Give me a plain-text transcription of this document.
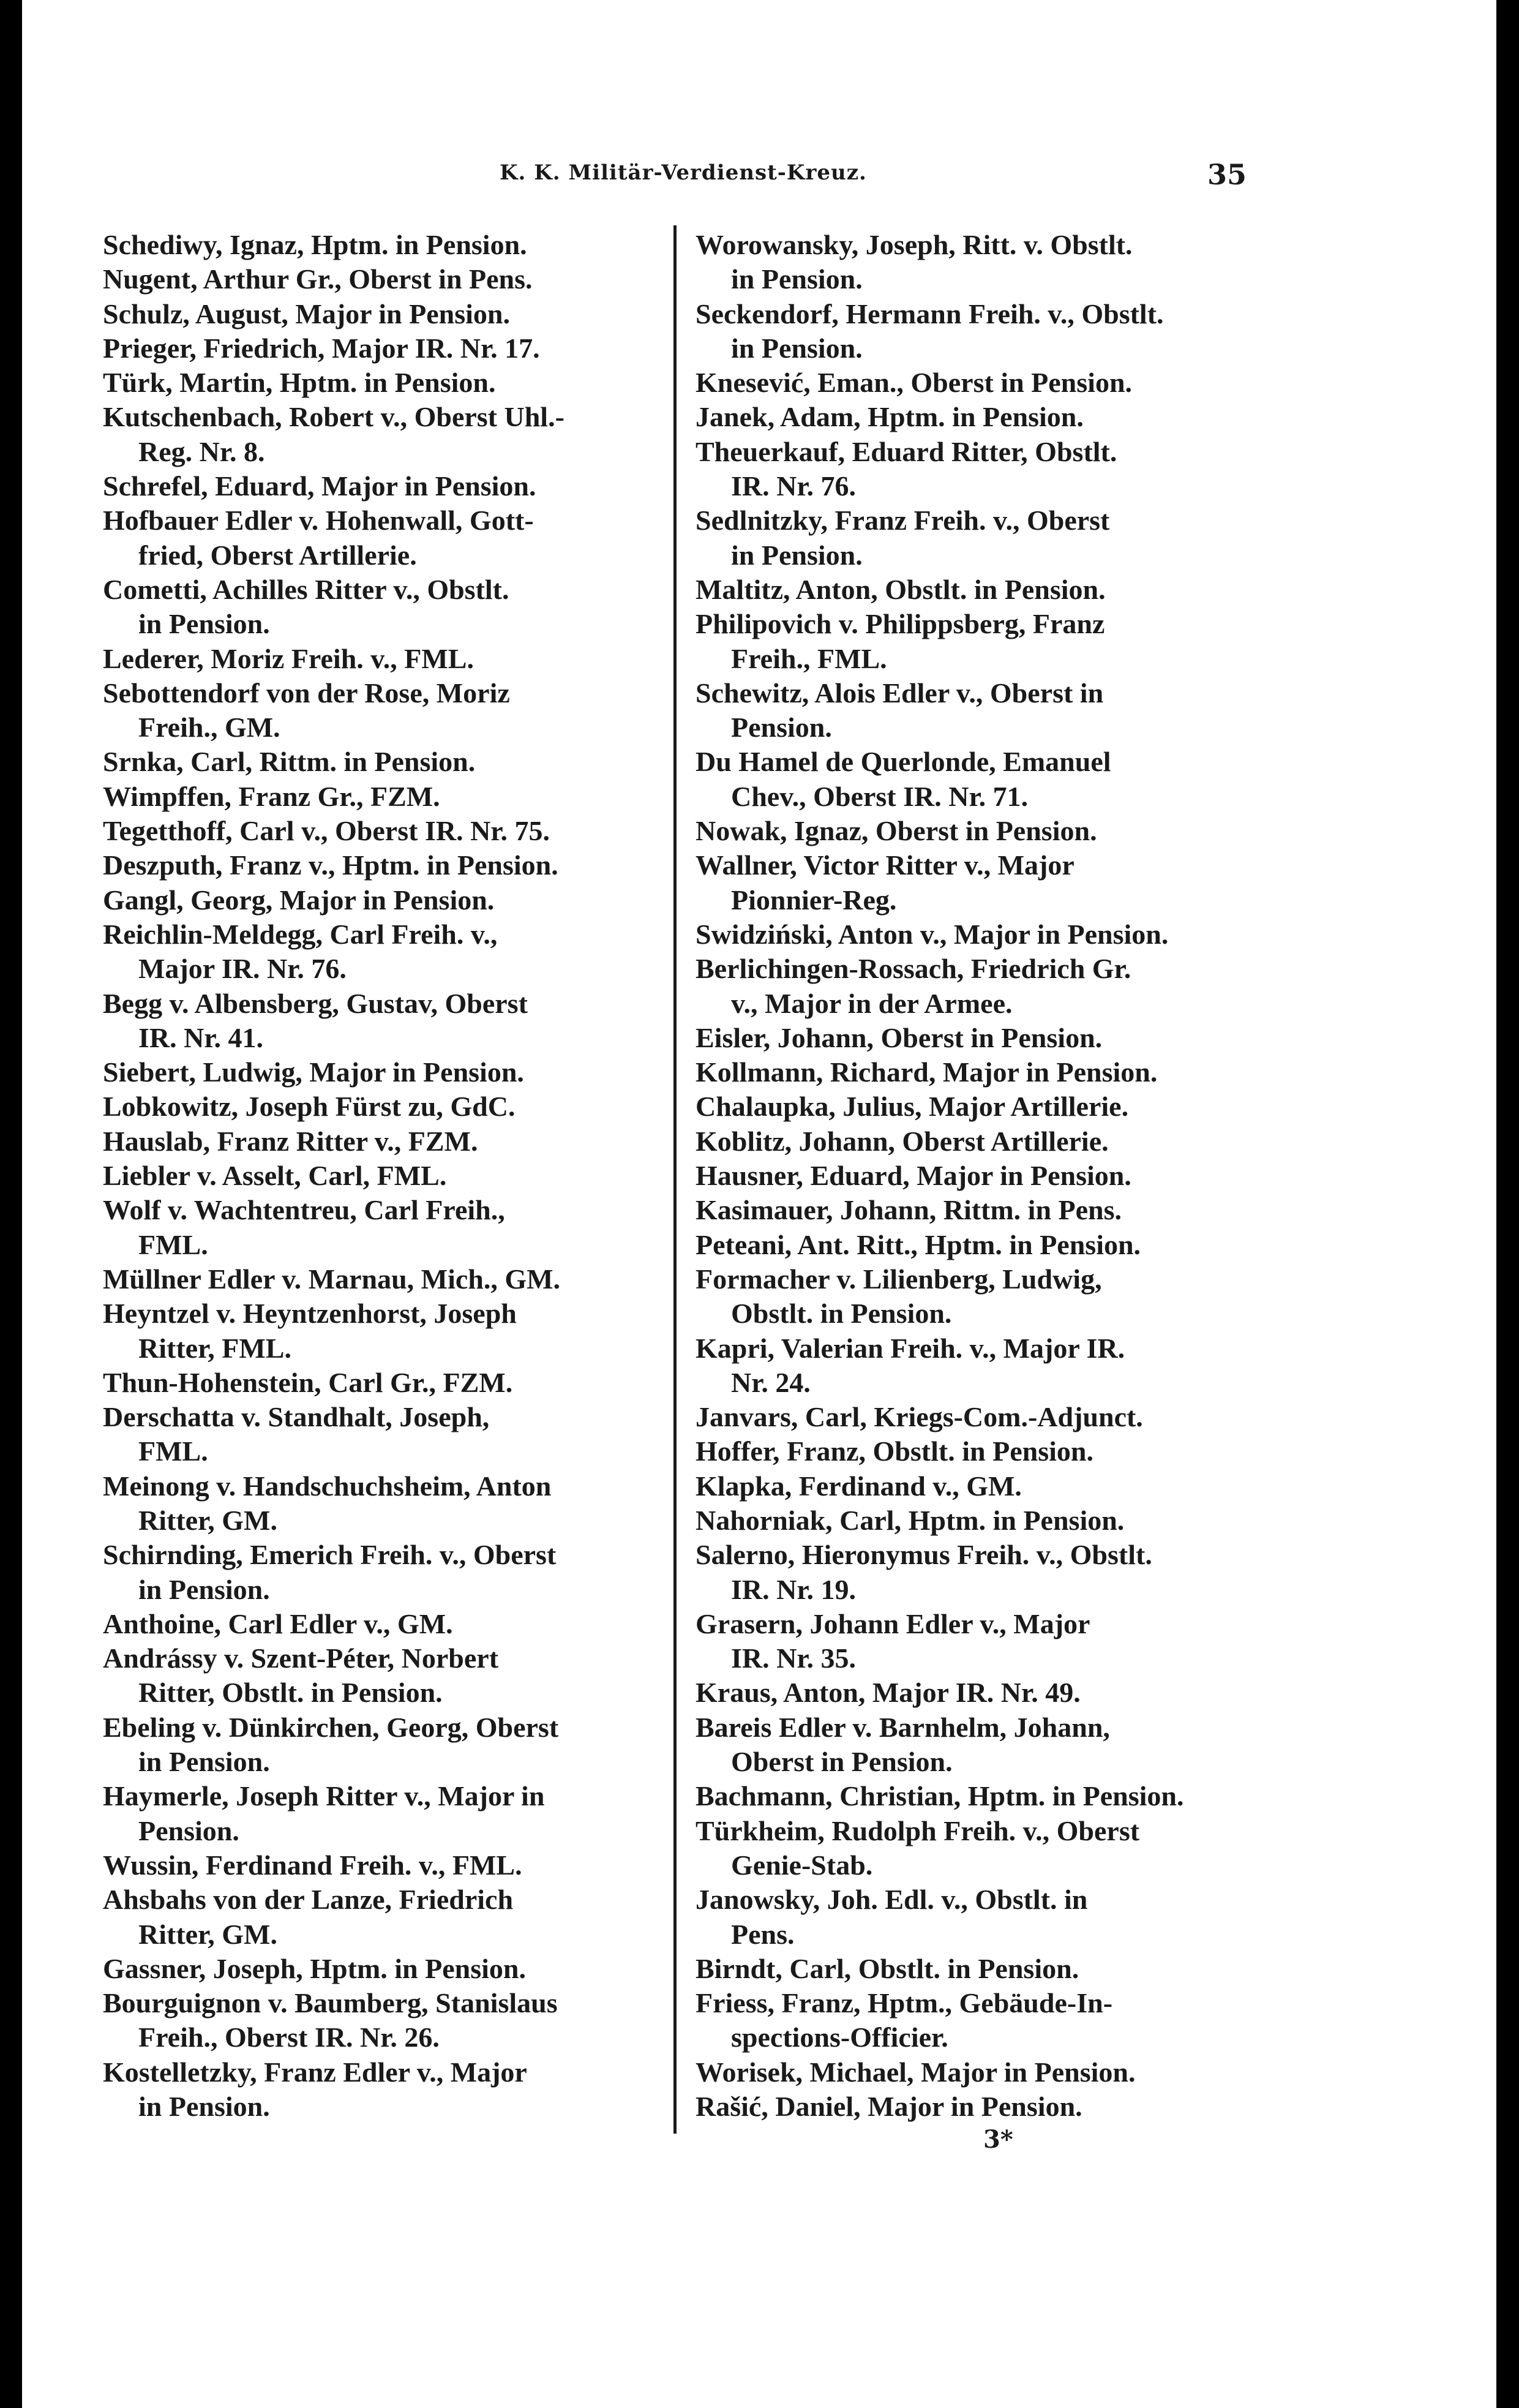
K. K. Militär-Verdienst-Kreuz.	35

Schediwy, Ignaz, Hptm. in Pension.

Nugent, Arthur Gr., Oberst in Pens.

Schulz, August, Major in Pension.

Prieger, Friedrich, Major IR. Nr. 17.

Türk, Martin, Hptm. in Pension.

Kutschenbach, Robert v., Oberst Uhl.-
Reg. Nr. 8.

Schrefel, Eduard, Major in Pension.

Hofbauer Edler v. Hohenwall, Gott-
fried, Oberst Artillerie.

Cometti, Achilles Ritter v., Obstlt.
in Pension.

Lederer, Moriz Freih. v., FML.

Sebottendorf von der Rose, Moriz
Freih., GM.

Srnka, Carl, Rittm. in Pension.

Wimpffen, Franz Gr., FZM.

Tegetthoff, Carl v., Oberst IR. Nr. 75.

Deszputh, Franz v., Hptm. in Pension.

Gangl, Georg, Major in Pension.

Reichlin-Meldegg, Carl Freih. v.,
Major IR. Nr. 76.

Begg v. Albensberg, Gustav, Oberst
IR. Nr. 41.

Siebert, Ludwig, Major in Pension.

Lobkowitz, Joseph Fürst zu, GdC.

Hauslab, Franz Ritter v., FZM.

Liebler v. Asselt, Carl, FML.

Wolf v. Wachtentreu, Carl Freih.,
FML.

Müllner Edler v. Marnau, Mich., GM.

Heyntzel v. Heyntzenhorst, Joseph
Ritter, FML.

Thun-Hohenstein, Carl Gr., FZM.

Derschatta v. Standhalt, Joseph,
FML.

Meinong v. Handschuchsheim, Anton
Ritter, GM.

Schirnding, Emerich Freih. v., Oberst
in Pension.

Anthoine, Carl Edler v., GM.

Andrássy v. Szent-Péter, Norbert
Ritter, Obstlt. in Pension.

Ebeling v. Dünkirchen, Georg, Oberst
in Pension.

Haymerle, Joseph Ritter v., Major in
Pension.

Wussin, Ferdinand Freih. v., FML.

Ahsbahs von der Lanze, Friedrich
Ritter, GM.

Gassner, Joseph, Hptm. in Pension.

Bourguignon v. Baumberg, Stanislaus
Freih., Oberst IR. Nr. 26.

Kostelletzky, Franz Edler v., Major
in Pension.

Worowansky, Joseph, Ritt. v. Obstlt.
in Pension.

Seckendorf, Hermann Freih. v., Obstlt.
in Pension.

Knesević, Eman., Oberst in Pension.

Janek, Adam, Hptm. in Pension.

Theuerkauf, Eduard Ritter, Obstlt.
IR. Nr. 76.

Sedlnitzky, Franz Freih. v., Oberst
in Pension.

Maltitz, Anton, Obstlt. in Pension.

Philipovich v. Philippsberg, Franz
Freih., FML.

Schewitz, Alois Edler v., Oberst in
Pension.

Du Hamel de Querlonde, Emanuel
Chev., Oberst IR. Nr. 71.

Nowak, Ignaz, Oberst in Pension.

Wallner, Victor Ritter v., Major
Pionnier-Reg.

Swidziński, Anton v., Major in Pension.

Berlichingen-Rossach, Friedrich Gr.
v., Major in der Armee.

Eisler, Johann, Oberst in Pension.

Kollmann, Richard, Major in Pension.

Chalaupka, Julius, Major Artillerie.

Koblitz, Johann, Oberst Artillerie.

Hausner, Eduard, Major in Pension.

Kasimauer, Johann, Rittm. in Pens.

Peteani, Ant. Ritt., Hptm. in Pension.

Formacher v. Lilienberg, Ludwig,
Obstlt. in Pension.

Kapri, Valerian Freih. v., Major IR.
Nr. 24.

Janvars, Carl, Kriegs-Com.-Adjunct.

Hoffer, Franz, Obstlt. in Pension.

Klapka, Ferdinand v., GM.

Nahorniak, Carl, Hptm. in Pension.

Salerno, Hieronymus Freih. v., Obstlt.
IR. Nr. 19.

Grasern, Johann Edler v., Major
IR. Nr. 35.

Kraus, Anton, Major IR. Nr. 49.

Bareis Edler v. Barnhelm, Johann,
Oberst in Pension.

Bachmann, Christian, Hptm. in Pension.

Türkheim, Rudolph Freih. v., Oberst
Genie-Stab.

Janowsky, Joh. Edl. v., Obstlt. in
Pens.

Birndt, Carl, Obstlt. in Pension.

Friess, Franz, Hptm., Gebäude-In-
spections-Officier.

Worisek, Michael, Major in Pension.

Rašić, Daniel, Major in Pension.

3*
